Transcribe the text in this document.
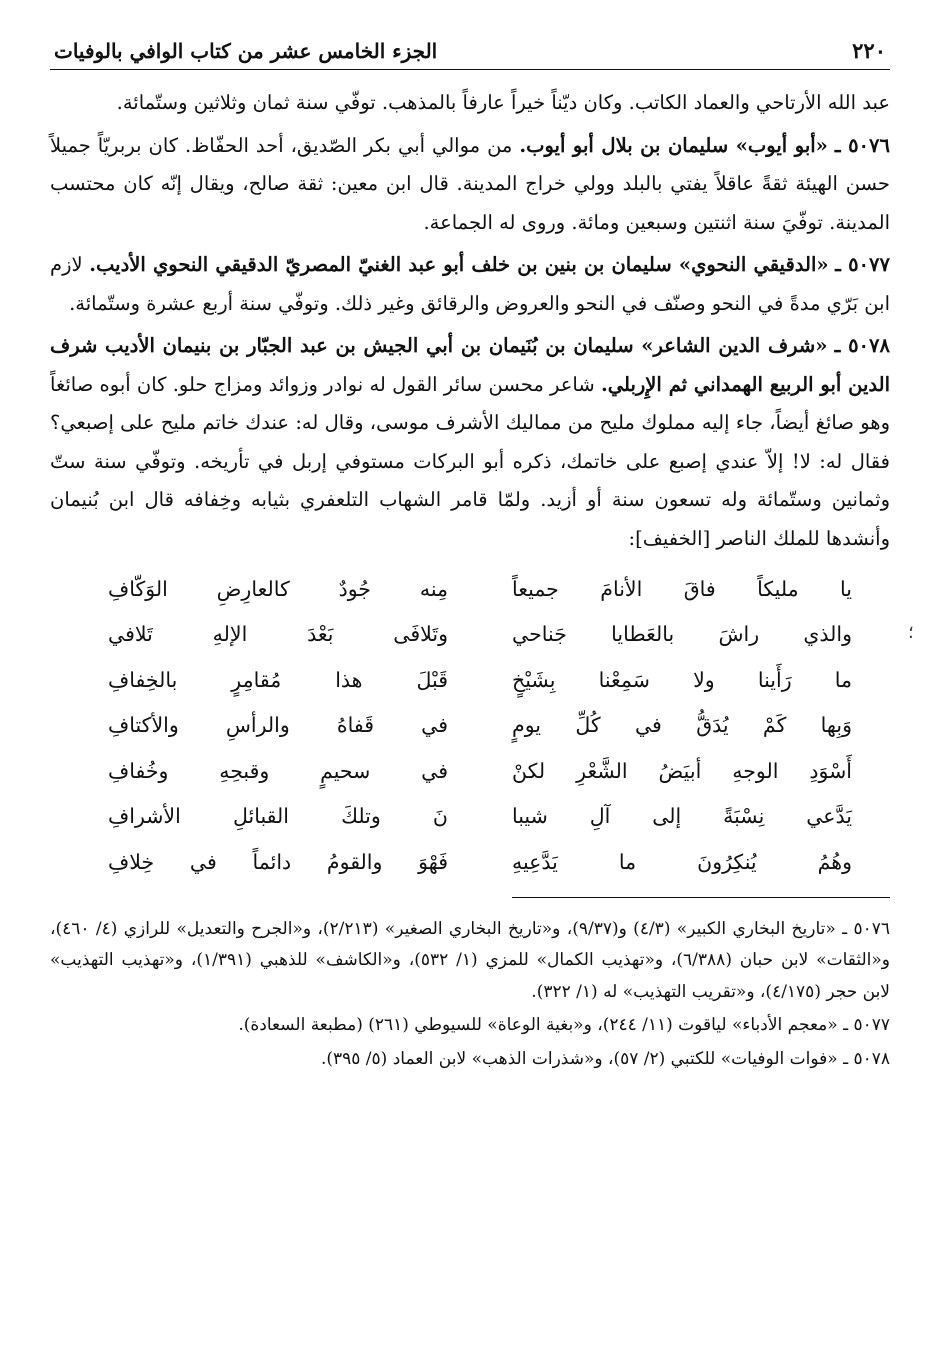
٢٢٠
الجزء الخامس عشر من كتاب الوافي بالوفيات

عبد الله الأرتاحي والعماد الكاتب. وكان ديّناً خيراً عارفاً بالمذهب. توفّي سنة ثمان وثلاثين وستّمائة.

٥٠٧٦ ـ «أبو أيوب» سليمان بن بلال أبو أيوب. من موالي أبي بكر الصّديق، أحد الحفّاظ. كان بربريّاً جميلاً حسن الهيئة ثقةً عاقلاً يفتي بالبلد وولي خراج المدينة. قال ابن معين: ثقة صالح، ويقال إنّه كان محتسب المدينة. توفّيَ سنة اثنتين وسبعين ومائة. وروى له الجماعة.

٥٠٧٧ ـ «الدقيقي النحوي» سليمان بن بنين بن خلف أبو عبد الغنيّ المصريّ الدقيقي النحوي الأديب. لازم ابن بَرّي مدةً في النحو وصنّف في النحو والعروض والرقائق وغير ذلك. وتوفّي سنة أربع عشرة وستّمائة.

٥٠٧٨ ـ «شرف الدين الشاعر» سليمان بن بُنَيمان بن أبي الجيش بن عبد الجبّار بن بنيمان الأديب شرف الدين أبو الربيع الهمداني ثم الإِربلي. شاعر محسن سائر القول له نوادر وزوائد ومزاج حلو. كان أبوه صائغاً وهو صائغ أيضاً، جاء إليه مملوك مليح من مماليك الأشرف موسى، وقال له: عندك خاتم مليح على إصبعي؟ فقال له: لا! إلاّ عندي إصبع على خاتمك، ذكره أبو البركات مستوفي إربل في تأريخه. وتوفّي سنة ستّ وثمانين وستّمائة وله تسعون سنة أو أزيد. ولمّا قامر الشهاب التلعفري بثيابه وخِفافه قال ابن بُنيمان وأنشدها للملك الناصر [الخفيف]:

يا مليكاً فاقَ الأنامَ جميعاً
مِنه جُودٌ كالعارِضِ الوَكّافِ
والذي راشَ بالعَطايا جَناحي
وتَلافَى بَعْدَ الإلهِ تَلافي
ما رَأَينا ولا سَمِعْنا بِشَيْخٍ
قَبْلَ هذا مُقامِرٍ بالخِفافِ
وَبِها كَمْ يُدَقُّ في كُلِّ يومٍ
في قَفاهُ والرأسِ والأكتافِ
أَسْوَدِ الوجهِ أبيَضُ الشَّعْرِ لكنْ
في سحيمٍ وقبحِهِ وخُفافِ
يَدَّعي نِسْبَةً إلى آلِ شيبا
نَ وتلكَ القبائلِ الأشرافِ
وهُمُ يُنكِرُونَ ما يَدَّعِيهِ
فَهْوَ والقومُ دائماً في خِلافِ

٥٠٧٦ ـ «تاريخ البخاري الكبير» (٤/٣) و(٩/٣٧)، و«تاريخ البخاري الصغير» (٢/٢١٣)، و«الجرح والتعديل» للرازي (٤/ ٤٦٠)، و«الثقات» لابن حبان (٦/٣٨٨)، و«تهذيب الكمال» للمزي (١/ ٥٣٢)، و«الكاشف» للذهبي (١/٣٩١)، و«تهذيب التهذيب» لابن حجر (٤/١٧٥)، و«تقريب التهذيب» له (١/ ٣٢٢).

٥٠٧٧ ـ «معجم الأدباء» لياقوت (١١/ ٢٤٤)، و«بغية الوعاة» للسيوطي (٢٦١) (مطبعة السعادة).

٥٠٧٨ ـ «فوات الوفيات» للكتبي (٢/ ٥٧)، و«شذرات الذهب» لابن العماد (٥/ ٣٩٥).

؛
